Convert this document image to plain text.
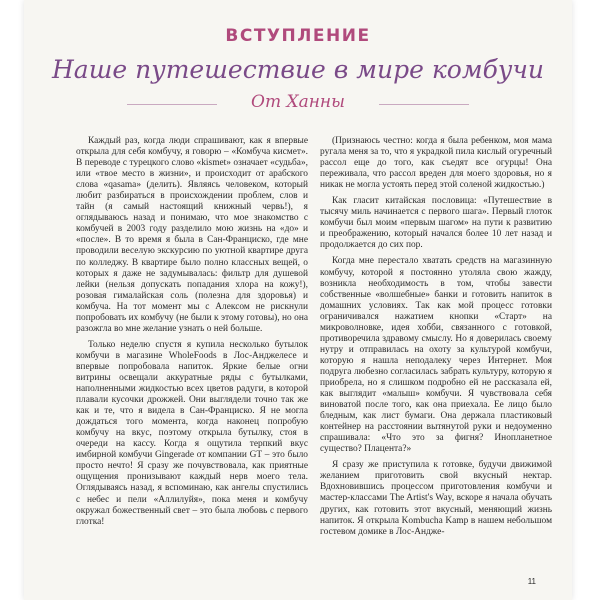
ВСТУПЛЕНИЕ
Наше путешествие в мире комбучи
От Ханны

Каждый раз, когда люди спрашивают, как я впервые открыла для себя комбучу, я говорю – «Комбуча кисмет». В переводе с турецкого слово «kismet» означает «судьба», или «твое место в жизни», и происходит от арабского слова «qasama» (делить). Являясь человеком, который любит разбираться в происхождении проблем, слов и тайн (я самый настоящий книжный червь!), я оглядываюсь назад и понимаю, что мое знакомство с комбучей в 2003 году разделило мою жизнь на «до» и «после». В то время я была в Сан-Франциско, где мне проводили веселую экскурсию по уютной квартире друга по колледжу. В квартире было полно классных вещей, о которых я даже не задумывалась: фильтр для душевой лейки (нельзя допускать попадания хлора на кожу!), розовая гималайская соль (полезна для здоровья) и комбуча. На тот момент мы с Алексом не рискнули попробовать их комбучу (не были к этому готовы), но она разожгла во мне желание узнать о ней больше.

Только неделю спустя я купила несколько бутылок комбучи в магазине WholeFoods в Лос-Анджелесе и впервые попробовала напиток. Яркие белые огни витрины освещали аккуратные ряды с бутылками, наполненными жидкостью всех цветов радуги, в которой плавали кусочки дрожжей. Они выглядели точно так же как и те, что я видела в Сан-Франциско. Я не могла дождаться того момента, когда наконец попробую комбучу на вкус, поэтому открыла бутылку, стоя в очереди на кассу. Когда я ощутила терпкий вкус имбирной комбучи Gingerade от компании GT – это было просто нечто! Я сразу же почувствовала, как приятные ощущения пронизывают каждый нерв моего тела. Оглядываясь назад, я вспоминаю, как ангелы спустились с небес и пели «Аллилуйя», пока меня и комбучу окружал божественный свет – это была любовь с первого глотка!

(Признаюсь честно: когда я была ребенком, моя мама ругала меня за то, что я украдкой пила кислый огуречный рассол еще до того, как съедят все огурцы! Она переживала, что рассол вреден для моего здоровья, но я никак не могла устоять перед этой соленой жидкостью.)

Как гласит китайская пословица: «Путешествие в тысячу миль начинается с первого шага». Первый глоток комбучи был моим «первым шагом» на пути к развитию и преображению, который начался более 10 лет назад и продолжается до сих пор.

Когда мне перестало хватать средств на магазинную комбучу, которой я постоянно утоляла свою жажду, возникла необходимость в том, чтобы завести собственные «волшебные» банки и готовить напиток в домашних условиях. Так как мой процесс готовки ограничивался нажатием кнопки «Старт» на микроволновке, идея хобби, связанного с готовкой, противоречила здравому смыслу. Но я доверилась своему нутру и отправилась на охоту за культурой комбучи, которую я нашла неподалеку через Интернет. Моя подруга любезно согласилась забрать культуру, которую я приобрела, но я слишком подробно ей не рассказала ей, как выглядит «малыш» комбучи. Я чувствовала себя виноватой после того, как она приехала. Ее лицо было бледным, как лист бумаги. Она держала пластиковый контейнер на расстоянии вытянутой руки и недоуменно спрашивала: «Что это за фигня? Инопланетное существо? Плацента?»

Я сразу же приступила к готовке, будучи движимой желанием приготовить свой вкусный нектар. Вдохновившись процессом приготовления комбучи и мастер-классами The Artist's Way, вскоре я начала обучать других, как готовить этот вкусный, меняющий жизнь напиток. Я открыла Kombucha Kamp в нашем небольшом гостевом домике в Лос-Андже-

11
